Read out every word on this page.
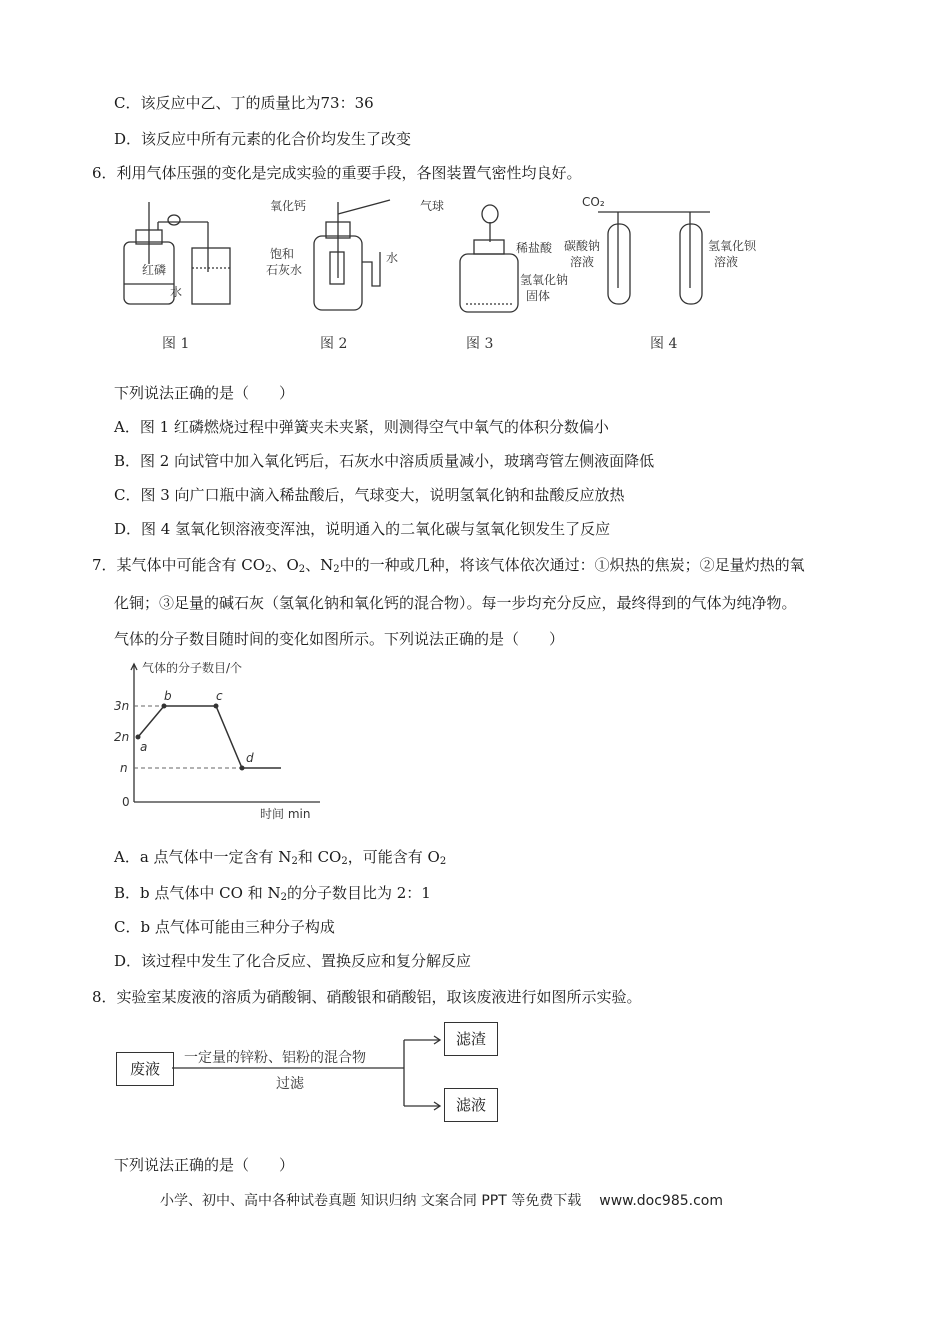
C．该反应中乙、丁的质量比为73：36
D．该反应中所有元素的化合价均发生了改变
6．利用气体压强的变化是完成实验的重要手段，各图装置气密性均良好。
红磷
水
氧化钙
饱和
石灰水
水
气球
稀盐酸
氢氧化钠
固体
CO₂
碳酸钠
溶液
氢氧化钡
溶液
图 1	图 2	图 3	图 4
下列说法正确的是（　　）
A．图 1 红磷燃烧过程中弹簧夹未夹紧，则测得空气中氧气的体积分数偏小
B．图 2 向试管中加入氧化钙后，石灰水中溶质质量减小，玻璃弯管左侧液面降低
C．图 3 向广口瓶中滴入稀盐酸后，气球变大，说明氢氧化钠和盐酸反应放热
D．图 4 氢氧化钡溶液变浑浊，说明通入的二氧化碳与氢氧化钡发生了反应
7．某气体中可能含有 $CO_2$、$O_2$、$N_2$中的一种或几种，将该气体依次通过：①炽热的焦炭；②足量灼热的氧
化铜；③足量的碱石灰（氢氧化钠和氧化钙的混合物）。每一步均充分反应，最终得到的气体为纯净物。
气体的分子数目随时间的变化如图所示。下列说法正确的是（　　）
a
b	c
d
气体的分子数目/个
时间 min
0
3n
2n
n
A．a 点气体中一定含有 $N_2$和 $CO_2$，可能含有 $O_2$
B．b 点气体中 CO 和 $N_2$的分子数目比为 2：1
C．b 点气体可能由三种分子构成
D．该过程中发生了化合反应、置换反应和复分解反应
8．实验室某废液的溶质为硝酸铜、硝酸银和硝酸铝，取该废液进行如图所示实验。
废液
一定量的锌粉、铝粉的混合物
过滤
滤渣
滤液
下列说法正确的是（　　）
小学、初中、高中各种试卷真题 知识归纳 文案合同 PPT 等免费下载 www.doc985.com
